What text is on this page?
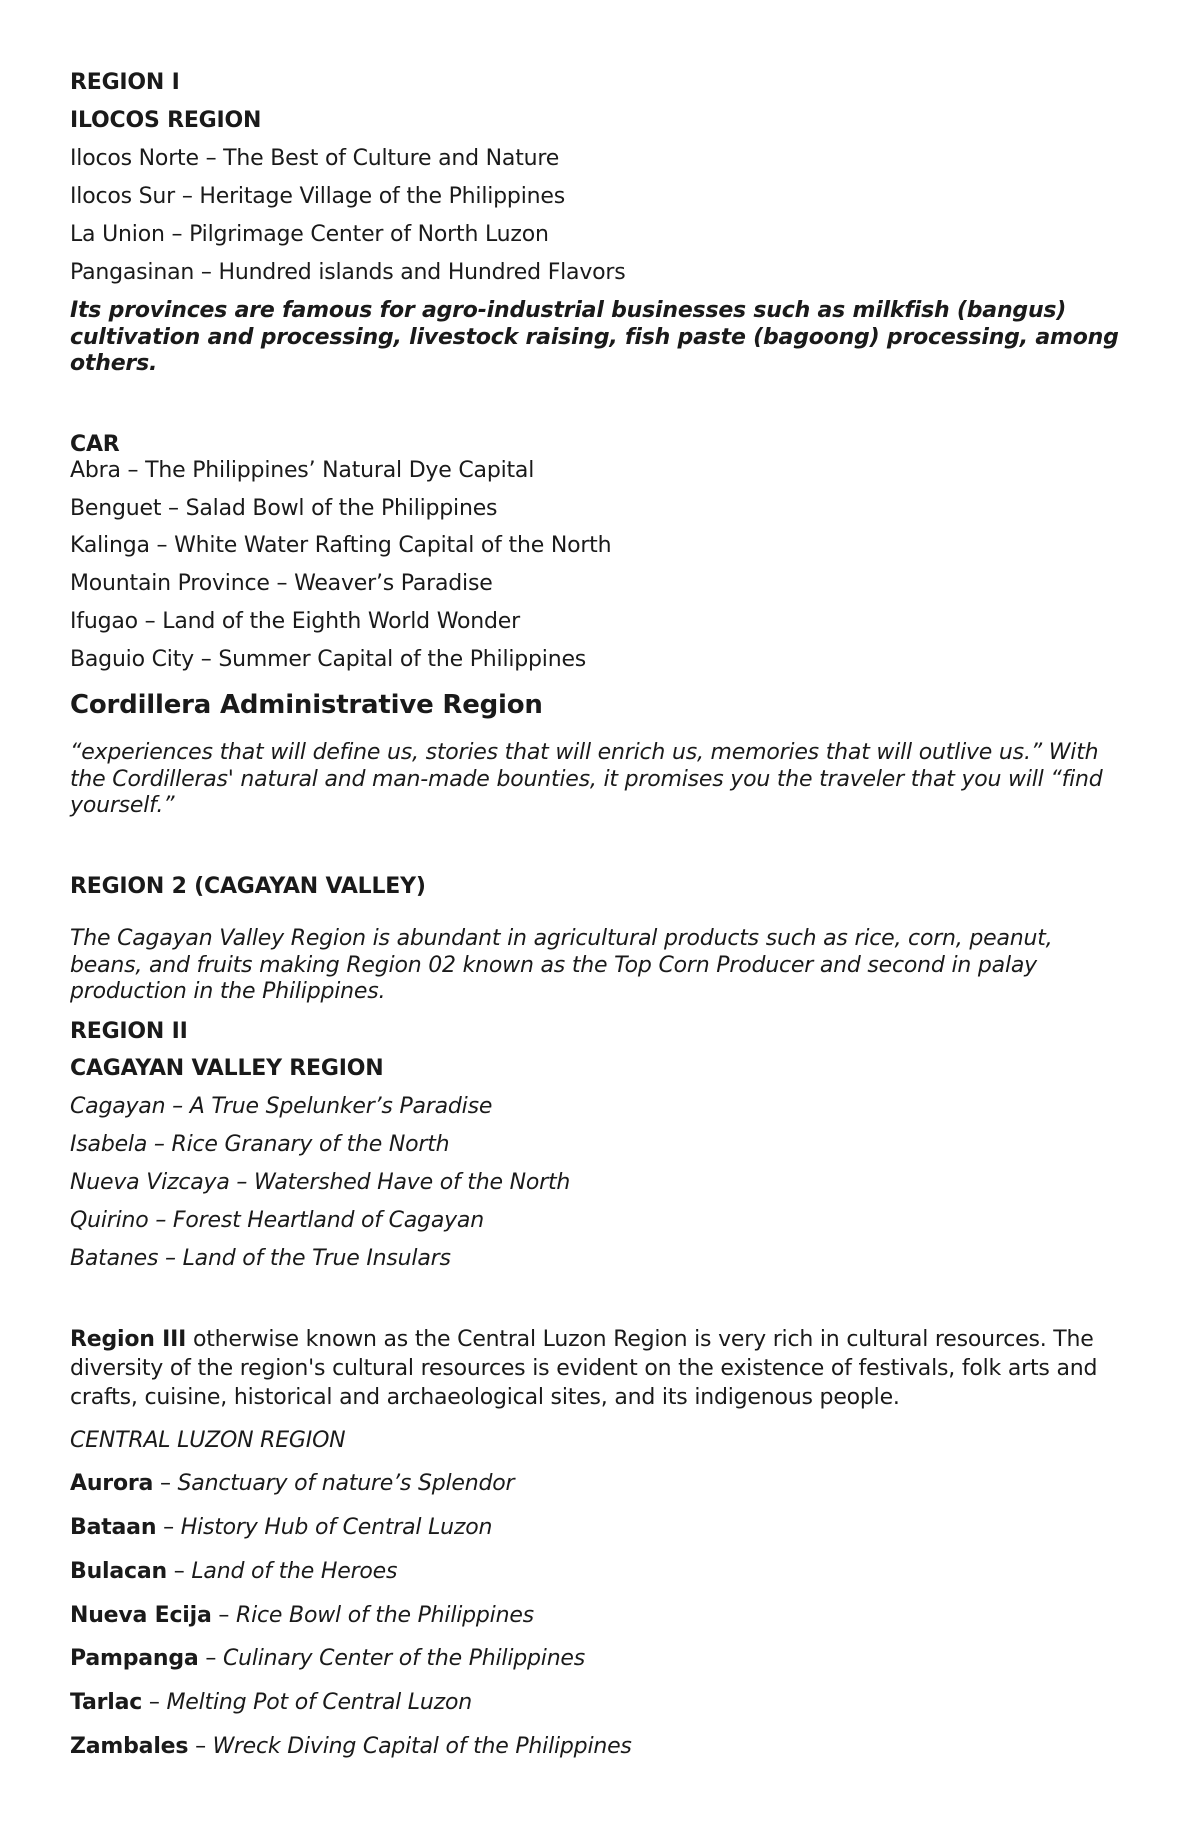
REGION I

ILOCOS REGION

Ilocos Norte – The Best of Culture and Nature

Ilocos Sur – Heritage Village of the Philippines

La Union – Pilgrimage Center of North Luzon

Pangasinan – Hundred islands and Hundred Flavors

Its provinces are famous for agro-industrial businesses such as milkfish (bangus) cultivation and processing, livestock raising, fish paste (bagoong) processing, among others.

CAR

Abra – The Philippines’ Natural Dye Capital

Benguet – Salad Bowl of the Philippines

Kalinga – White Water Rafting Capital of the North

Mountain Province – Weaver’s Paradise

Ifugao – Land of the Eighth World Wonder

Baguio City – Summer Capital of the Philippines

Cordillera Administrative Region

“experiences that will define us, stories that will enrich us, memories that will outlive us.” With the Cordilleras' natural and man-made bounties, it promises you the traveler that you will “find yourself.”

REGION 2 (CAGAYAN VALLEY)

The Cagayan Valley Region is abundant in agricultural products such as rice, corn, peanut, beans, and fruits making Region 02 known as the Top Corn Producer and second in palay production in the Philippines.

REGION II

CAGAYAN VALLEY REGION

Cagayan – A True Spelunker’s Paradise

Isabela – Rice Granary of the North

Nueva Vizcaya – Watershed Have of the North

Quirino – Forest Heartland of Cagayan

Batanes – Land of the True Insulars

Region III otherwise known as the Central Luzon Region is very rich in cultural resources. The diversity of the region's cultural resources is evident on the existence of festivals, folk arts and crafts, cuisine, historical and archaeological sites, and its indigenous people.

CENTRAL LUZON REGION

Aurora – Sanctuary of nature’s Splendor

Bataan – History Hub of Central Luzon

Bulacan – Land of the Heroes

Nueva Ecija – Rice Bowl of the Philippines

Pampanga – Culinary Center of the Philippines

Tarlac – Melting Pot of Central Luzon

Zambales – Wreck Diving Capital of the Philippines
